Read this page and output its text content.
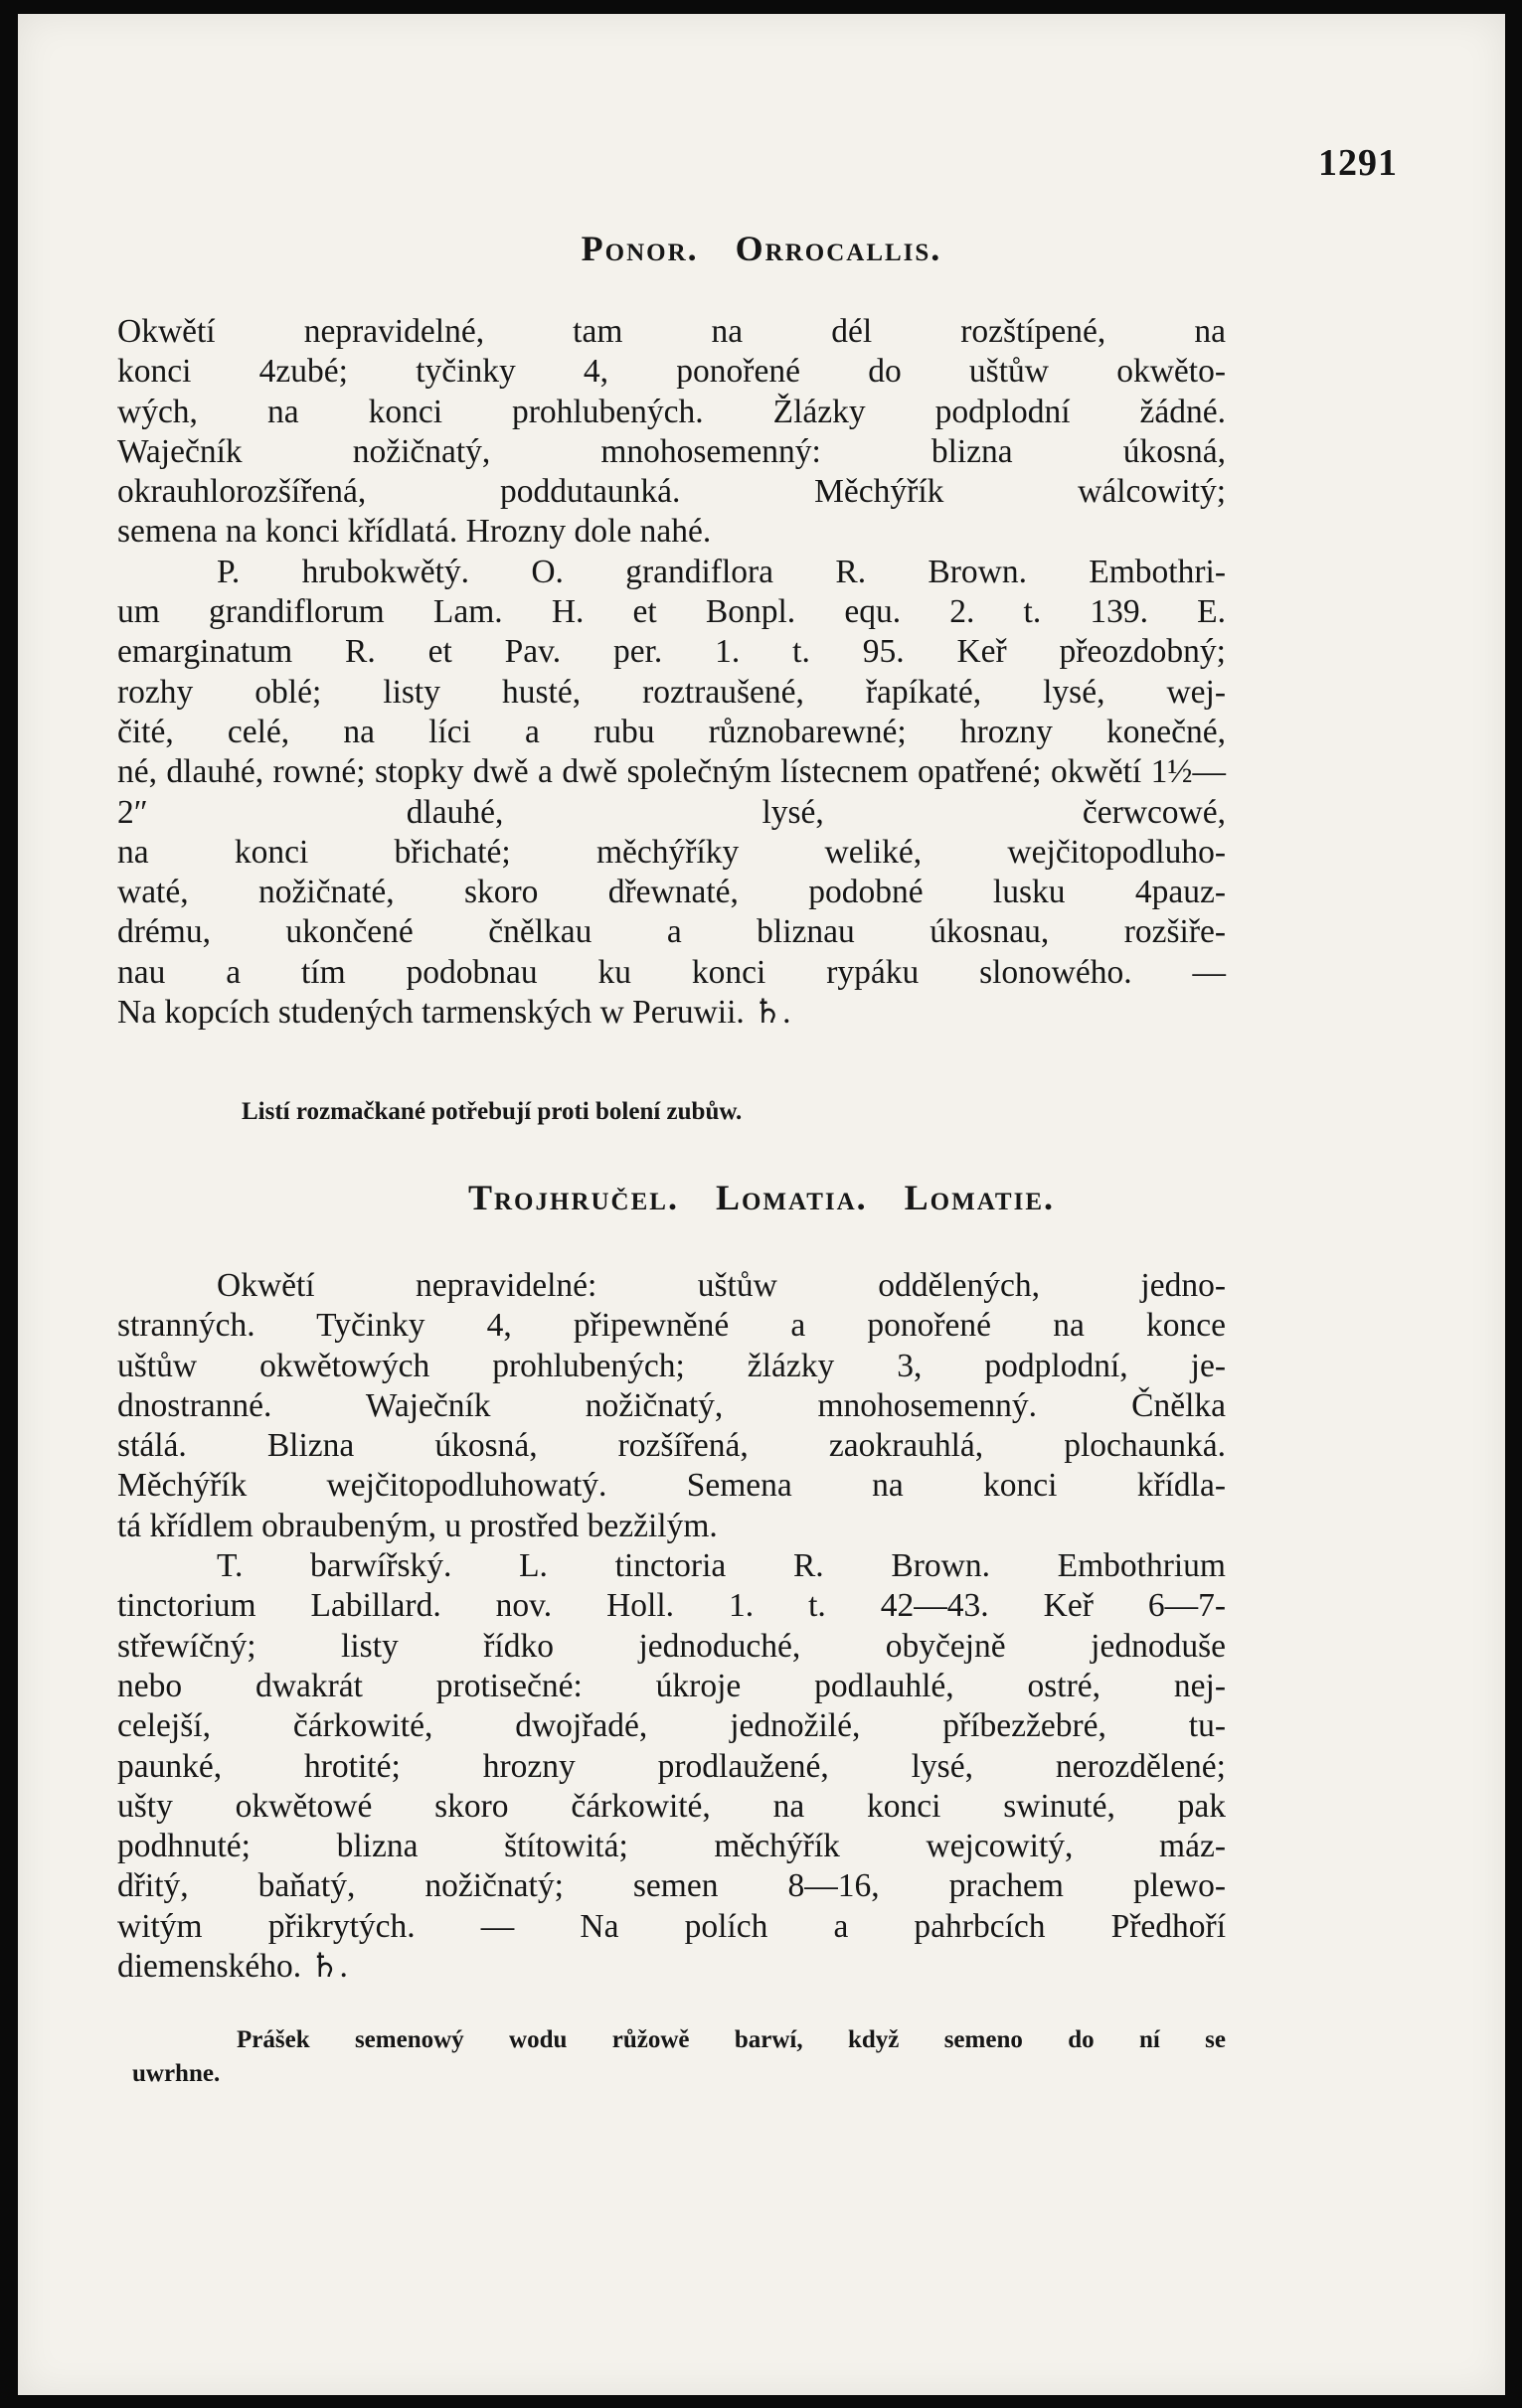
1291
Ponor. Orrocallis.
Okwětí nepravidelné, tam na dél rozštípené, na
konci 4zubé; tyčinky 4, ponořené do uštůw okwěto-
wých, na konci prohlubených. Žlázky podplodní žádné.
Waječník nožičnatý, mnohosemenný: blizna úkosná,
okrauhlorozšířená, poddutaunká. Měchýřík wálcowitý;
semena na konci křídlatá. Hrozny dole nahé.
P. hrubokwětý. O. grandiflora R. Brown. Embothri-
um grandiflorum Lam. H. et Bonpl. equ. 2. t. 139. E.
emarginatum R. et Pav. per. 1. t. 95. Keř přeozdobný;
rozhy oblé; listy husté, roztraušené, řapíkaté, lysé, wej-
čité, celé, na líci a rubu různobarewné; hrozny konečné,
né, dlauhé, rowné; stopky dwě a dwě společným lístecnem opatřené; okwětí 1½—2″ dlauhé, lysé, čerwcowé,
na konci břichaté; měchýříky weliké, wejčitopodluho-
waté, nožičnaté, skoro dřewnaté, podobné lusku 4pauz-
drému, ukončené čnělkau a bliznau úkosnau, rozšiře-
nau a tím podobnau ku konci rypáku slonowého. —
Na kopcích studených tarmenských w Peruwii. ♄.
Listí rozmačkané potřebují proti bolení zubůw.
Trojhručel. Lomatia. Lomatie.
Okwětí nepravidelné: uštůw oddělených, jedno-
stranných. Tyčinky 4, připewněné a ponořené na konce
uštůw okwětowých prohlubených; žlázky 3, podplodní, je-
dnostranné. Waječník nožičnatý, mnohosemenný. Čnělka
stálá. Blizna úkosná, rozšířená, zaokrauhlá, plochaunká.
Měchýřík wejčitopodluhowatý. Semena na konci křídla-
tá křídlem obraubeným, u prostřed bezžilým.
T. barwířský. L. tinctoria R. Brown. Embothrium
tinctorium Labillard. nov. Holl. 1. t. 42—43. Keř 6—7-
střewíčný; listy řídko jednoduché, obyčejně jednoduše
nebo dwakrát protisečné: úkroje podlauhlé, ostré, nej-
celejší, čárkowité, dwojřadé, jednožilé, příbezžebré, tu-
paunké, hrotité; hrozny prodlaužené, lysé, nerozdělené;
ušty okwětowé skoro čárkowité, na konci swinuté, pak
podhnuté; blizna štítowitá; měchýřík wejcowitý, máz-
dřitý, baňatý, nožičnatý; semen 8—16, prachem plewo-
witým přikrytých. — Na polích a pahrbcích Předhoří
diemenského. ♄.
Prášek semenowý wodu růžowě barwí, když semeno do ní se
uwrhne.
